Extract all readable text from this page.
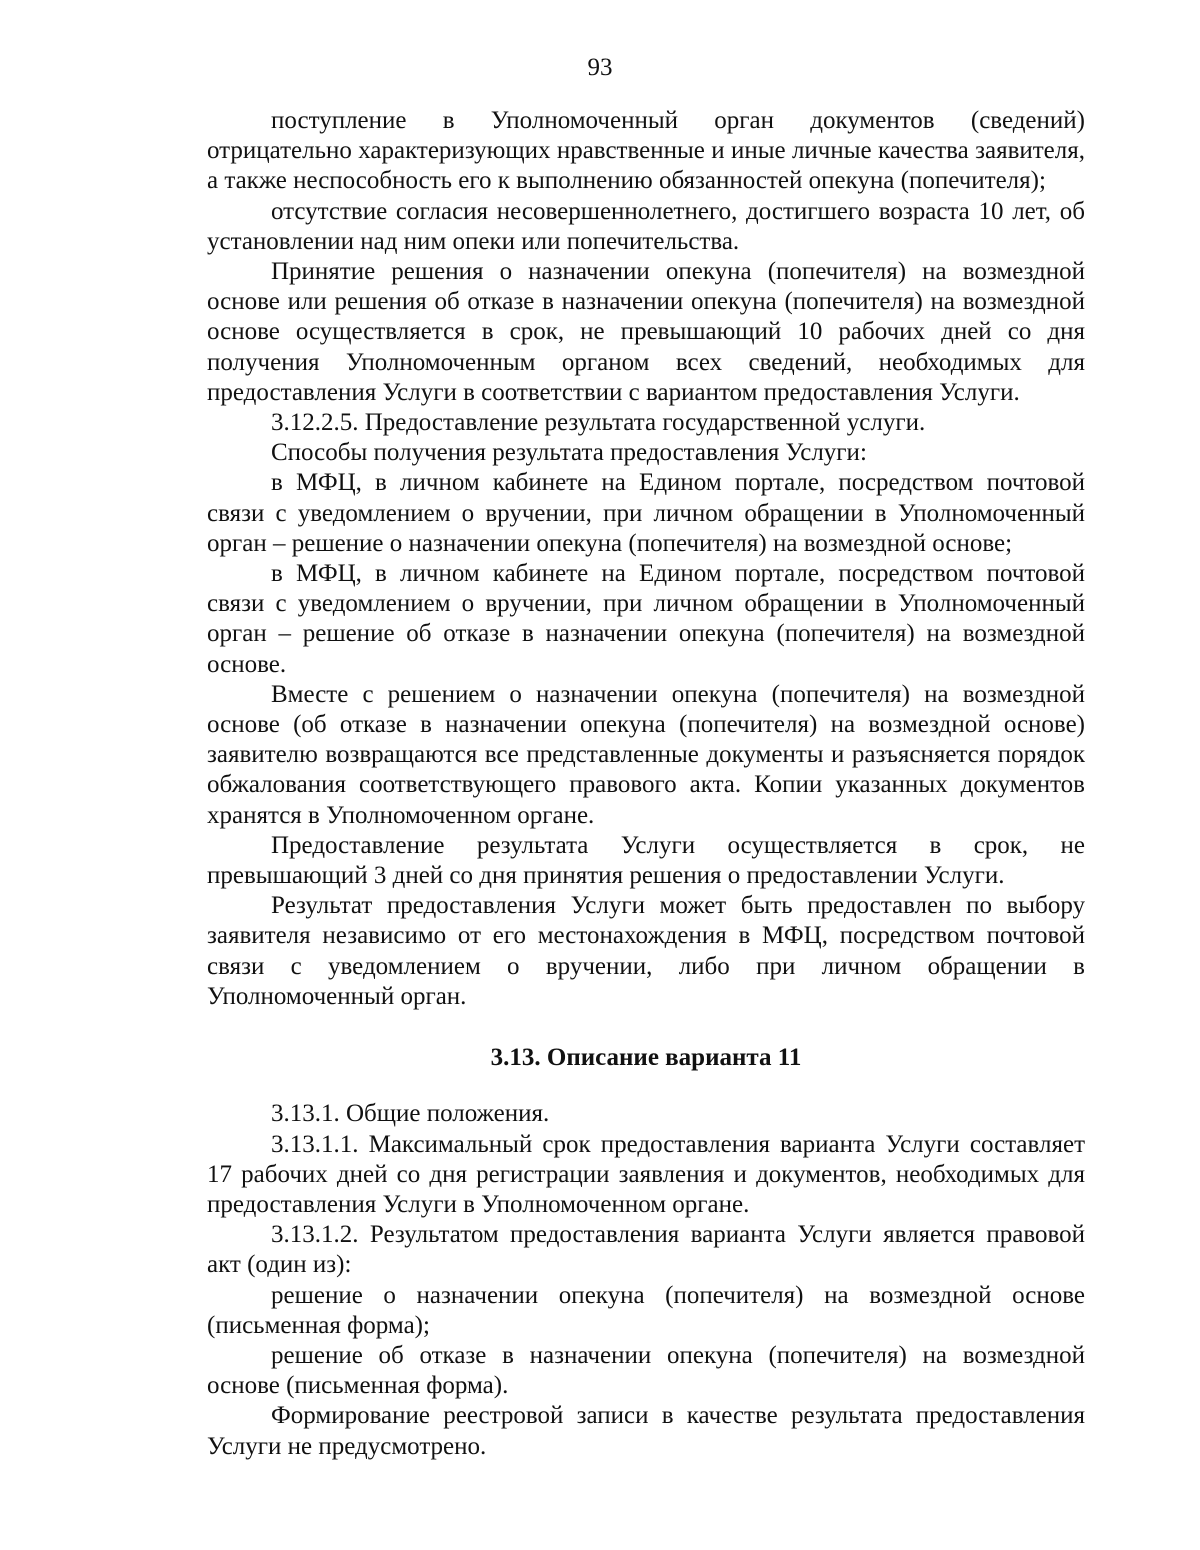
93

поступление в Уполномоченный орган документов (сведений) отрицательно характеризующих нравственные и иные личные качества заявителя, а также неспособность его к выполнению обязанностей опекуна (попечителя);

отсутствие согласия несовершеннолетнего, достигшего возраста 10 лет, об установлении над ним опеки или попечительства.

Принятие решения о назначении опекуна (попечителя) на возмездной основе или решения об отказе в назначении опекуна (попечителя) на возмездной основе осуществляется в срок, не превышающий 10 рабочих дней со дня получения Уполномоченным органом всех сведений, необходимых для предоставления Услуги в соответствии с вариантом предоставления Услуги.

3.12.2.5. Предоставление результата государственной услуги.

Способы получения результата предоставления Услуги:

в МФЦ, в личном кабинете на Едином портале, посредством почтовой связи с уведомлением о вручении, при личном обращении в Уполномоченный орган – решение о назначении опекуна (попечителя) на возмездной основе;

в МФЦ, в личном кабинете на Едином портале, посредством почтовой связи с уведомлением о вручении, при личном обращении в Уполномоченный орган – решение об отказе в назначении опекуна (попечителя) на возмездной основе.

Вместе с решением о назначении опекуна (попечителя) на возмездной основе (об отказе в назначении опекуна (попечителя) на возмездной основе) заявителю возвращаются все представленные документы и разъясняется порядок обжалования соответствующего правового акта. Копии указанных документов хранятся в Уполномоченном органе.

Предоставление результата Услуги осуществляется в срок, не превышающий 3 дней со дня принятия решения о предоставлении Услуги.

Результат предоставления Услуги может быть предоставлен по выбору заявителя независимо от его местонахождения в МФЦ, посредством почтовой связи с уведомлением о вручении, либо при личном обращении в Уполномоченный орган.

3.13. Описание варианта 11

3.13.1. Общие положения.

3.13.1.1. Максимальный срок предоставления варианта Услуги составляет 17 рабочих дней со дня регистрации заявления и документов, необходимых для предоставления Услуги в Уполномоченном органе.

3.13.1.2. Результатом предоставления варианта Услуги является правовой акт (один из):

решение о назначении опекуна (попечителя) на возмездной основе (письменная форма);

решение об отказе в назначении опекуна (попечителя) на возмездной основе (письменная форма).

Формирование реестровой записи в качестве результата предоставления Услуги не предусмотрено.
